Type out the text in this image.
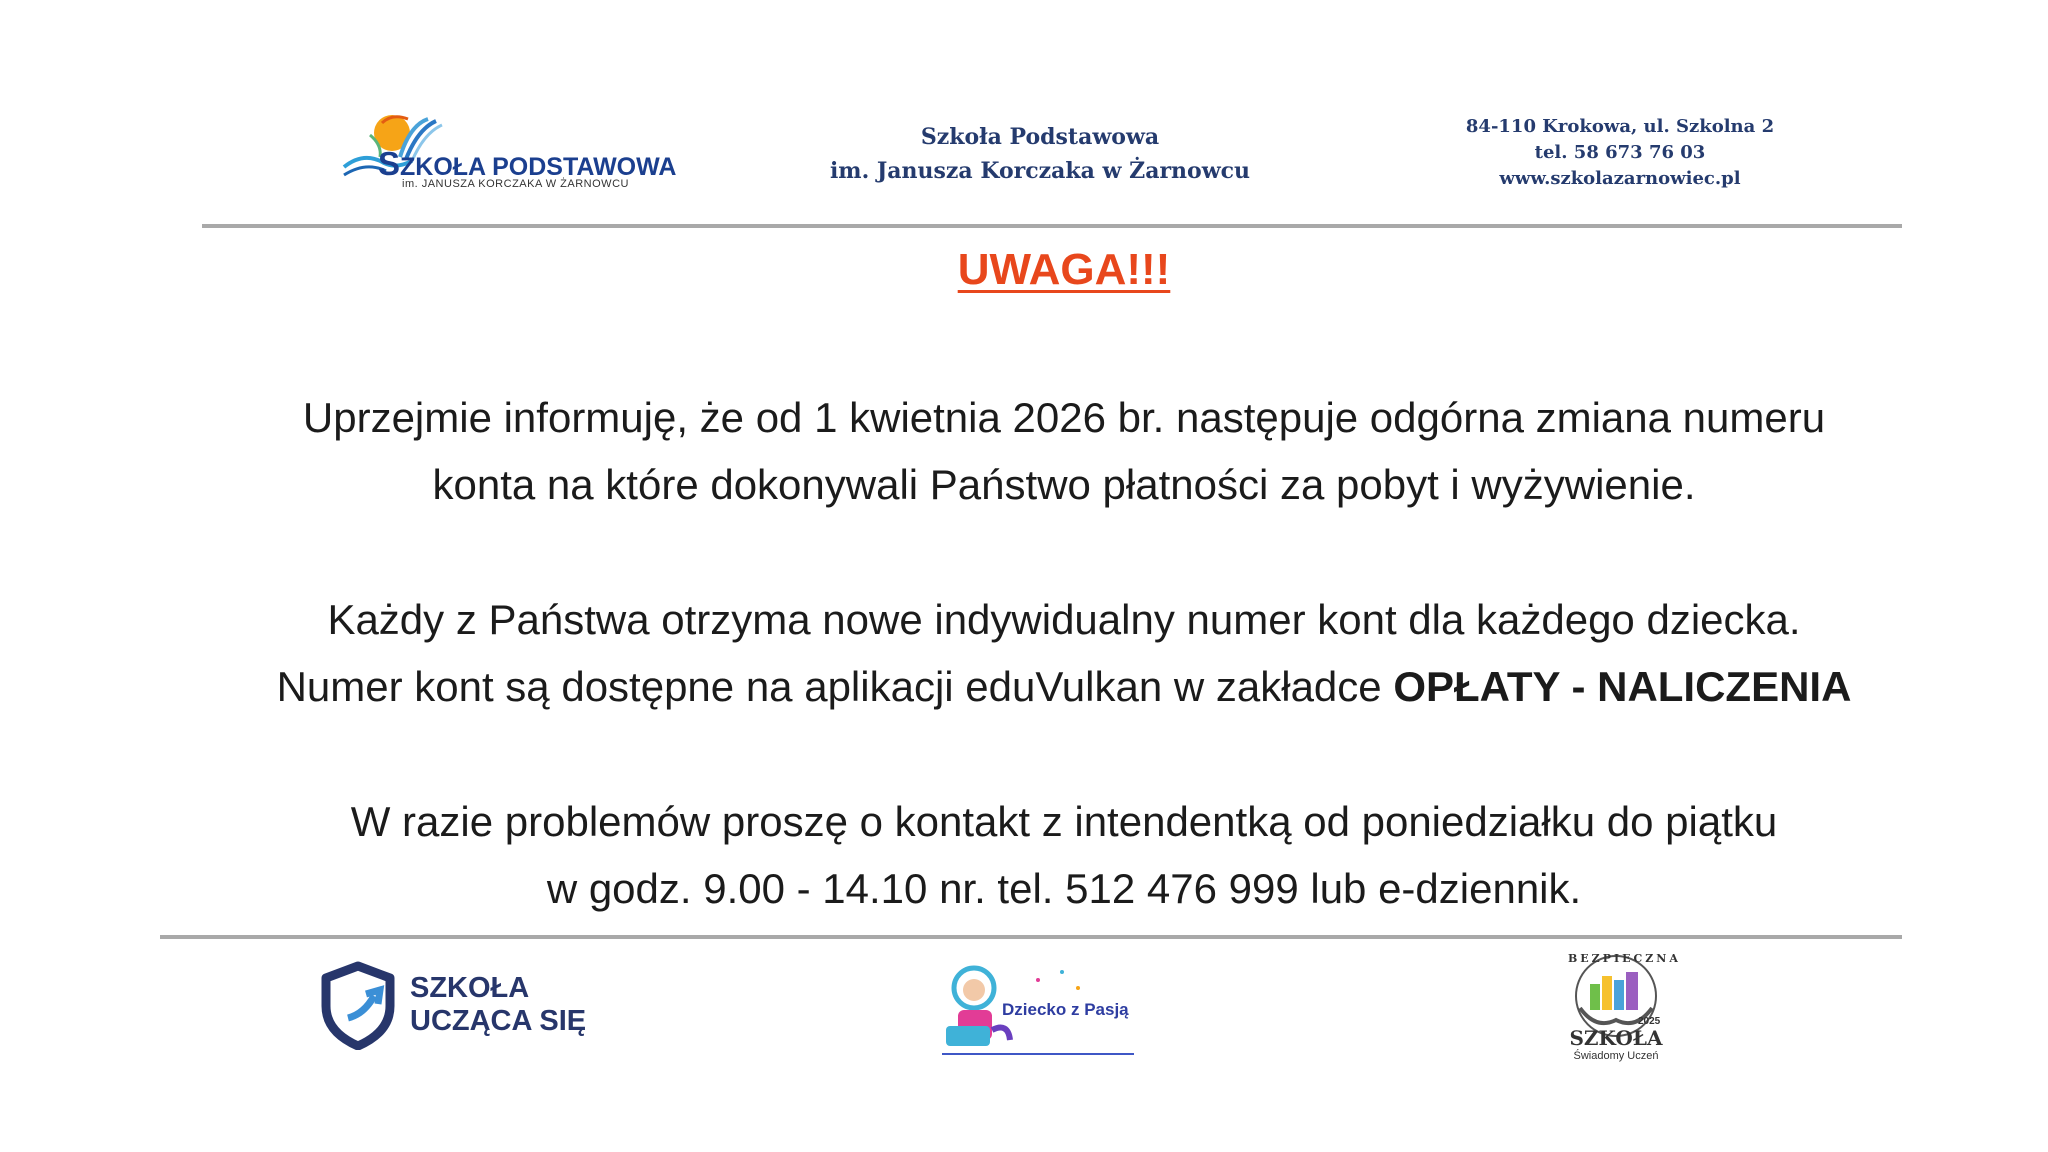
SZKOŁA PODSTAWOWA
im. JANUSZA KORCZAKA W ŻARNOWCU
Szkoła Podstawowa
im. Janusza Korczaka w Żarnowcu
84-110 Krokowa, ul. Szkolna 2
tel. 58 673 76 03
www.szkolazarnowiec.pl
UWAGA!!!
Uprzejmie informuję, że od 1 kwietnia 2026 br. następuje odgórna zmiana numeru
konta na które dokonywali Państwo płatności za pobyt i wyżywienie.
Każdy z Państwa otrzyma nowe indywidualny numer kont dla każdego dziecka.
Numer kont są dostępne na aplikacji eduVulkan w zakładce OPŁATY - NALICZENIA
W razie problemów proszę o kontakt z intendentką od poniedziałku do piątku
w godz. 9.00 - 14.10 nr. tel. 512 476 999 lub e-dziennik.
SZKOŁA
UCZĄCA SIĘ	Dziecko z Pasją
BEZPIECZNA
2025
SZKOŁA
Świadomy Uczeń
